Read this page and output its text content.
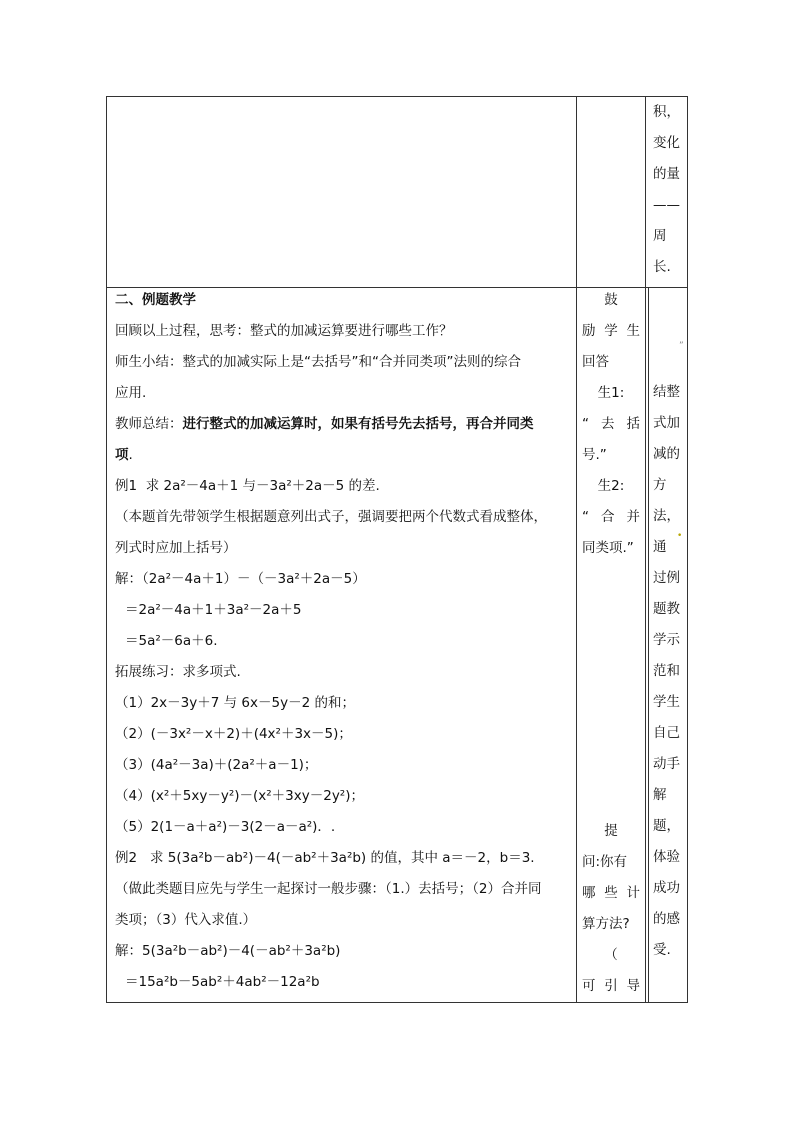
积，

变化

的量

——

周

长.

二、例题教学

回顾以上过程，思考：整式的加减运算要进行哪些工作？

师生小结：整式的加减实际上是“去括号”和“合并同类项”法则的综合

应用.

教师总结：进行整式的加减运算时，如果有括号先去括号，再合并同类

项.

例1 求 2a²－4a＋1 与－3a²＋2a－5 的差.

（本题首先带领学生根据题意列出式子，强调要把两个代数式看成整体，

列式时应加上括号）

解：（2a²－4a＋1）－（－3a²＋2a－5）

＝2a²－4a＋1＋3a²－2a＋5

＝5a²－6a＋6.

拓展练习：求多项式.

（1）2x－3y＋7 与 6x－5y－2 的和；

（2）(－3x²－x＋2)＋(4x²＋3x－5)；

（3）(4a²－3a)＋(2a²＋a－1)；

（4）(x²＋5xy－y²)－(x²＋3xy－2y²)；

（5）2(1－a＋a²)－3(2－a－a²)．.

例2 求 5(3a²b－ab²)－4(－ab²＋3a²b) 的值，其中 a＝－2，b＝3.

（做此类题目应先与学生一起探讨一般步骤：（1.）去括号；（2）合并同

类项；（3）代入求值.）

解：5(3a²b－ab²)－4(－ab²＋3a²b)

＝15a²b－5ab²＋4ab²－12a²b

鼓

励学生

回答

生1:

“去括

号.”

生2:

“合并

同类项.”

提

问:你有

哪些计

算方法?

（

可引导

结整

式加

减的

方

法，

通

过例

题教

学示

范和

学生

自己

动手

解

题，

体验

成功

的感

受.

”
•
